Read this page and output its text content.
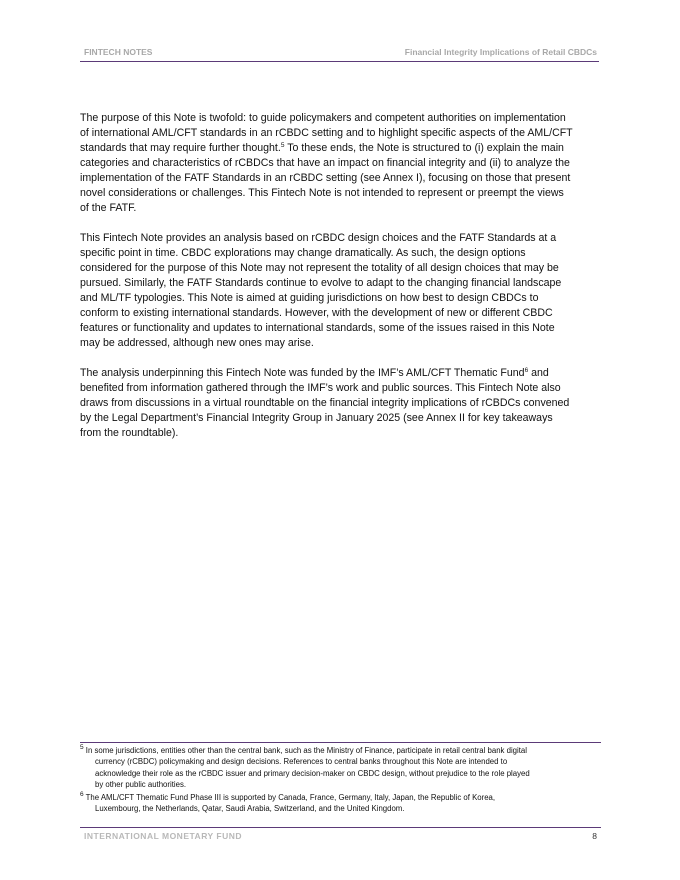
FINTECH NOTES	Financial Integrity Implications of Retail CBDCs
The purpose of this Note is twofold: to guide policymakers and competent authorities on implementation
of international AML/CFT standards in an rCBDC setting and to highlight specific aspects of the AML/CFT
standards that may require further thought.$^5$ To these ends, the Note is structured to (i) explain the main
categories and characteristics of rCBDCs that have an impact on financial integrity and (ii) to analyze the
implementation of the FATF Standards in an rCBDC setting (see Annex I), focusing on those that present
novel considerations or challenges. This Fintech Note is not intended to represent or preempt the views
of the FATF.
This Fintech Note provides an analysis based on rCBDC design choices and the FATF Standards at a
specific point in time. CBDC explorations may change dramatically. As such, the design options
considered for the purpose of this Note may not represent the totality of all design choices that may be
pursued. Similarly, the FATF Standards continue to evolve to adapt to the changing financial landscape
and ML/TF typologies. This Note is aimed at guiding jurisdictions on how best to design CBDCs to
conform to existing international standards. However, with the development of new or different CBDC
features or functionality and updates to international standards, some of the issues raised in this Note
may be addressed, although new ones may arise.
The analysis underpinning this Fintech Note was funded by the IMF’s AML/CFT Thematic Fund$^6$ and
benefited from information gathered through the IMF’s work and public sources. This Fintech Note also
draws from discussions in a virtual roundtable on the financial integrity implications of rCBDCs convened
by the Legal Department’s Financial Integrity Group in January 2025 (see Annex II for key takeaways
from the roundtable).
$^5$ In some jurisdictions, entities other than the central bank, such as the Ministry of Finance, participate in retail central bank digital
currency (rCBDC) policymaking and design decisions. References to central banks throughout this Note are intended to
acknowledge their role as the rCBDC issuer and primary decision-maker on CBDC design, without prejudice to the role played
by other public authorities.
$^6$ The AML/CFT Thematic Fund Phase III is supported by Canada, France, Germany, Italy, Japan, the Republic of Korea,
Luxembourg, the Netherlands, Qatar, Saudi Arabia, Switzerland, and the United Kingdom.
INTERNATIONAL MONETARY FUND	8
